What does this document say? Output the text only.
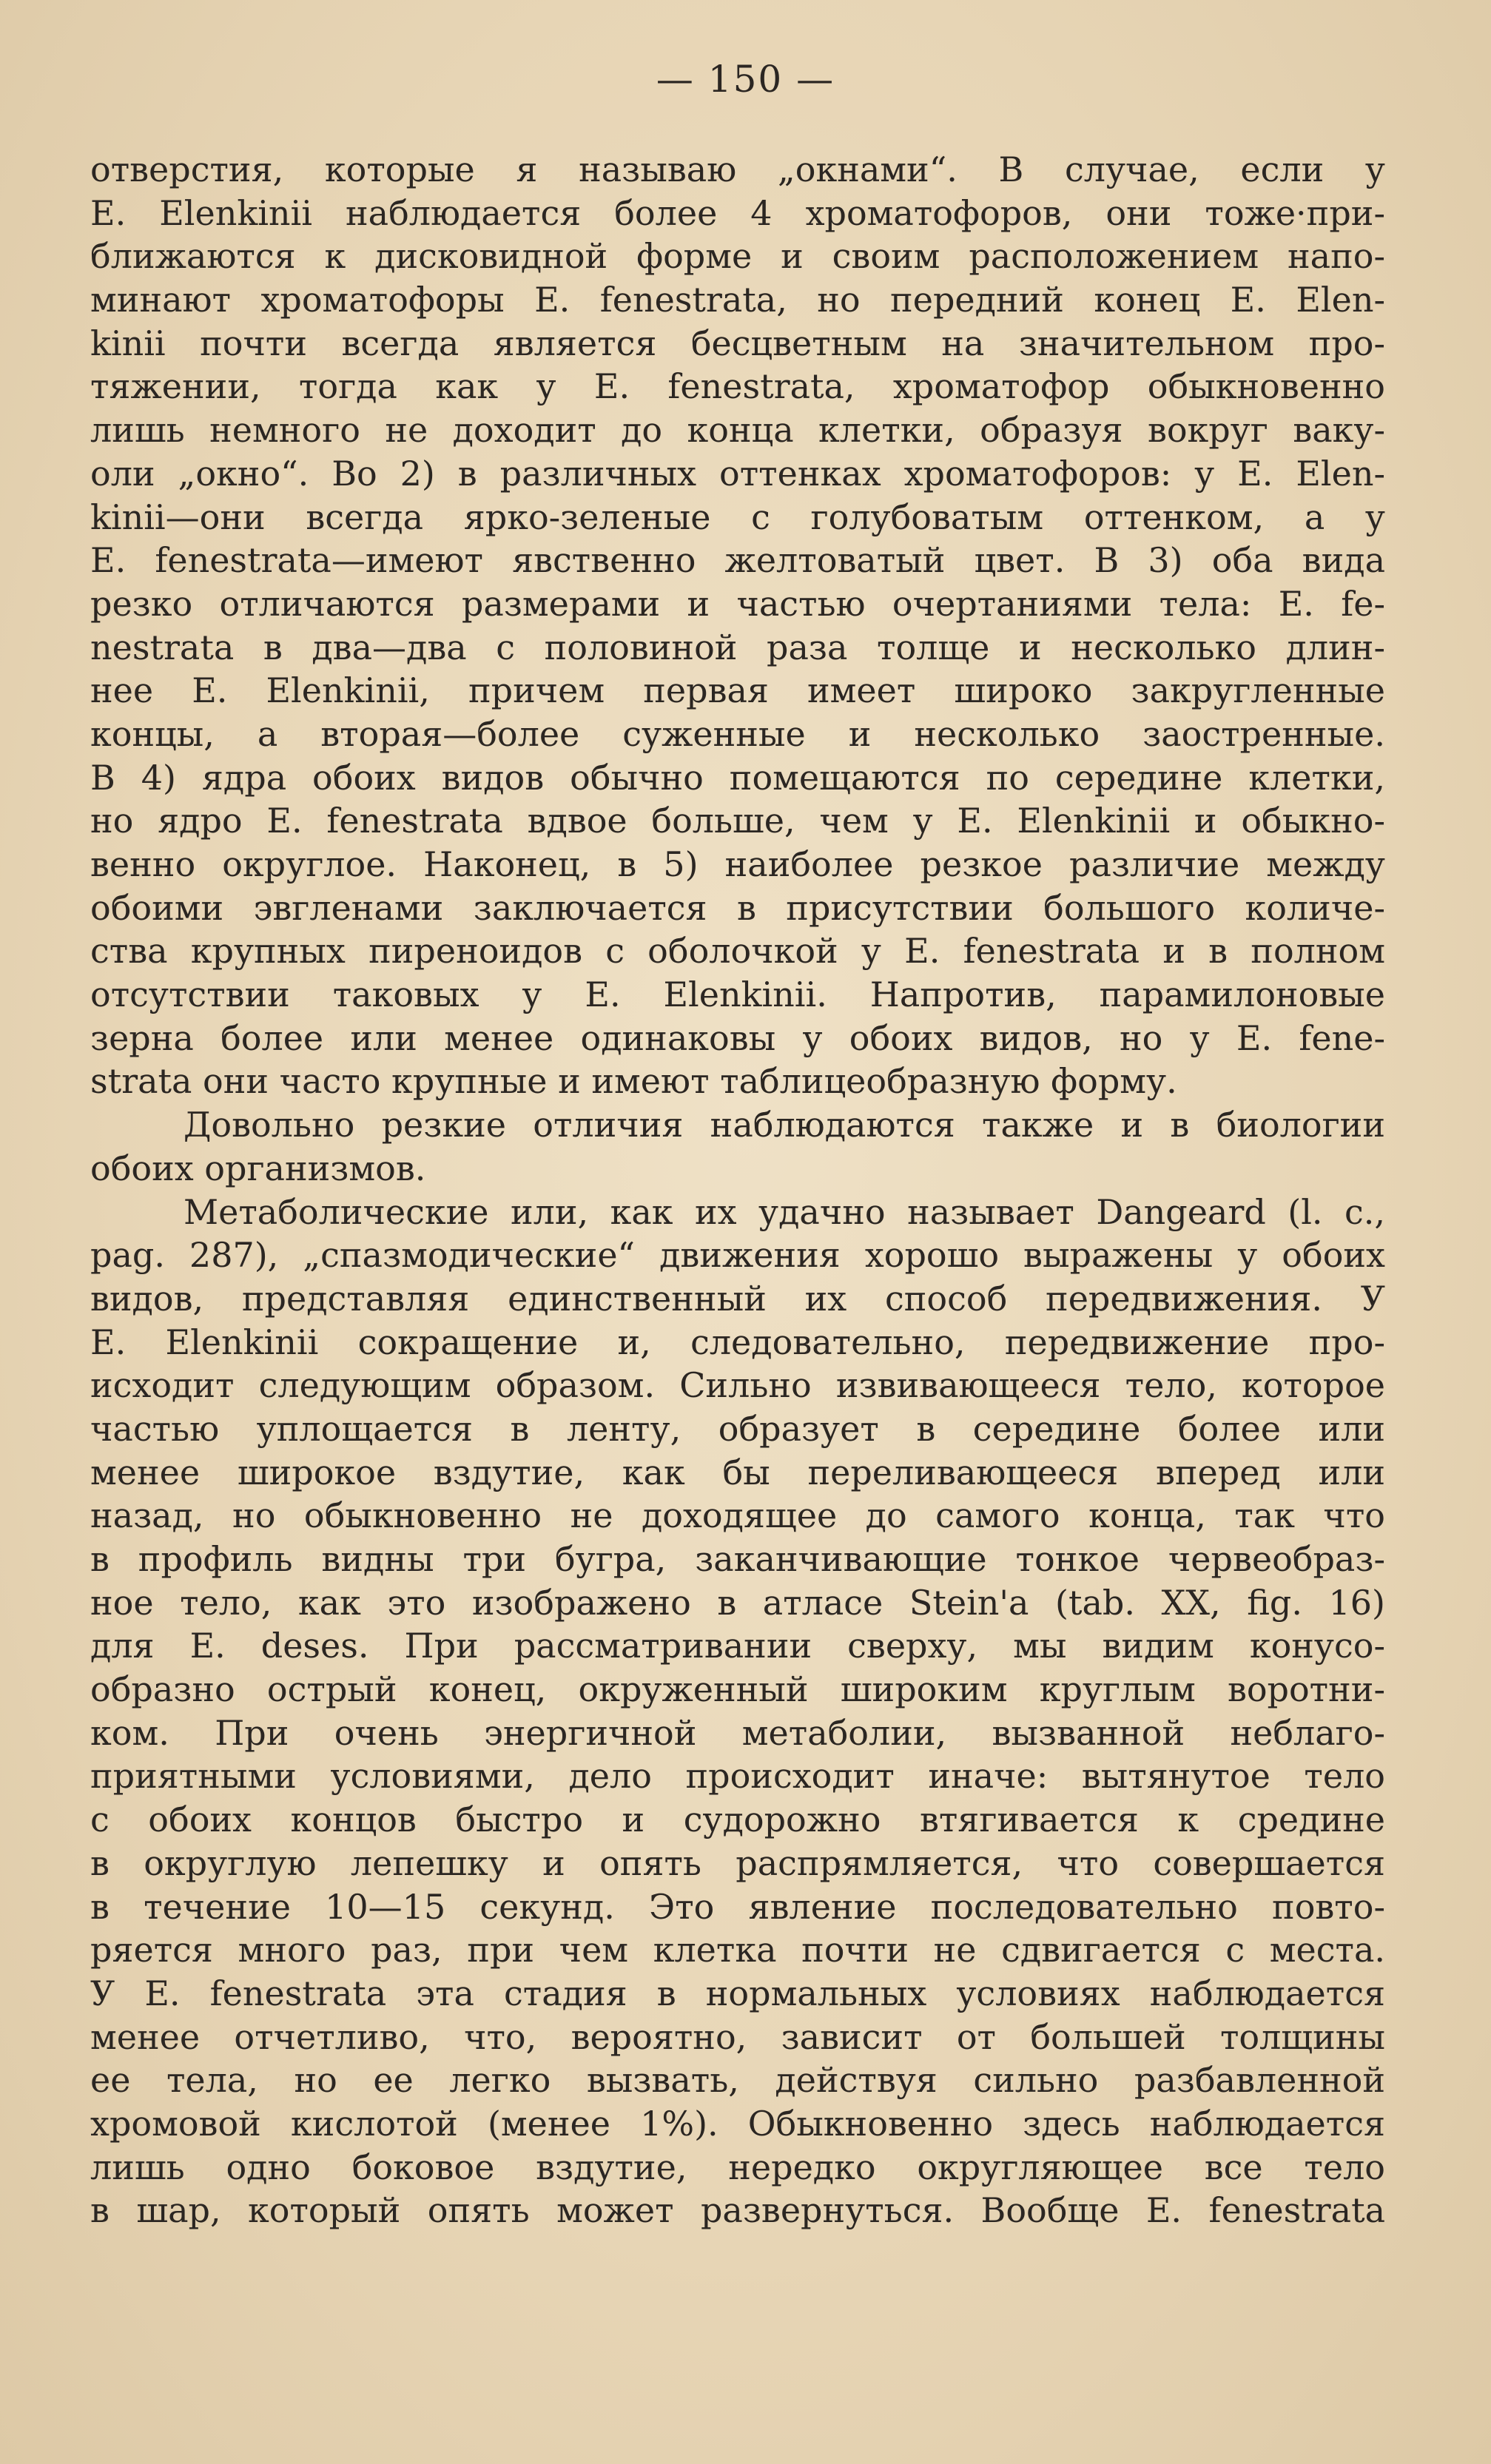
— 150 —
отверстия, которые я называю „окнами“. В случае, если у
E. Elenkinii наблюдается более 4 хроматофоров, они тоже·при-
ближаются к дисковидной форме и своим расположением напо-
минают хроматофоры E. fenestrata, но передний конец E. Elen-
kinii почти всегда является бесцветным на значительном про-
тяжении, тогда как у E. fenestrata, хроматофор обыкновенно
лишь немного не доходит до конца клетки, образуя вокруг ваку-
оли „окно“. Во 2) в различных оттенках хроматофоров: у E. Elen-
kinii—они всегда ярко-зеленые с голубоватым оттенком, а у
E. fenestrata—имеют явственно желтоватый цвет. В 3) оба вида
резко отличаются размерами и частью очертаниями тела: E. fe-
nestrata в два—два с половиной раза толще и несколько длин-
нее E. Elenkinii, причем первая имеет широко закругленные
концы, а вторая—более суженные и несколько заостренные.
В 4) ядра обоих видов обычно помещаются по середине клетки,
но ядро E. fenestrata вдвое больше, чем у E. Elenkinii и обыкно-
венно округлое. Наконец, в 5) наиболее резкое различие между
обоими эвгленами заключается в присутствии большого количе-
ства крупных пиреноидов с оболочкой у E. fenestrata и в полном
отсутствии таковых у E. Elenkinii. Напротив, парамилоновые
зерна более или менее одинаковы у обоих видов, но у E. fene-
strata они часто крупные и имеют таблицеобразную форму.
Довольно резкие отличия наблюдаются также и в биологии
обоих организмов.
Метаболические или, как их удачно называет Dangeard (l. c.,
pag. 287), „спазмодические“ движения хорошо выражены у обоих
видов, представляя единственный их способ передвижения. У
E. Elenkinii сокращение и, следовательно, передвижение про-
исходит следующим образом. Сильно извивающееся тело, которое
частью уплощается в ленту, образует в середине более или
менее широкое вздутие, как бы переливающееся вперед или
назад, но обыкновенно не доходящее до самого конца, так что
в профиль видны три бугра, заканчивающие тонкое червеобраз-
ное тело, как это изображено в атласе Stein'a (tab. XX, fig. 16)
для E. deses. При рассматривании сверху, мы видим конусо-
образно острый конец, окруженный широким круглым воротни-
ком. При очень энергичной метаболии, вызванной неблаго-
приятными условиями, дело происходит иначе: вытянутое тело
с обоих концов быстро и судорожно втягивается к средине
в округлую лепешку и опять распрямляется, что совершается
в течение 10—15 секунд. Это явление последовательно повто-
ряется много раз, при чем клетка почти не сдвигается с места.
У E. fenestrata эта стадия в нормальных условиях наблюдается
менее отчетливо, что, вероятно, зависит от большей толщины
ее тела, но ее легко вызвать, действуя сильно разбавленной
хромовой кислотой (менее 1%). Обыкновенно здесь наблюдается
лишь одно боковое вздутие, нередко округляющее все тело
в шар, который опять может развернуться. Вообще E. fenestrata
